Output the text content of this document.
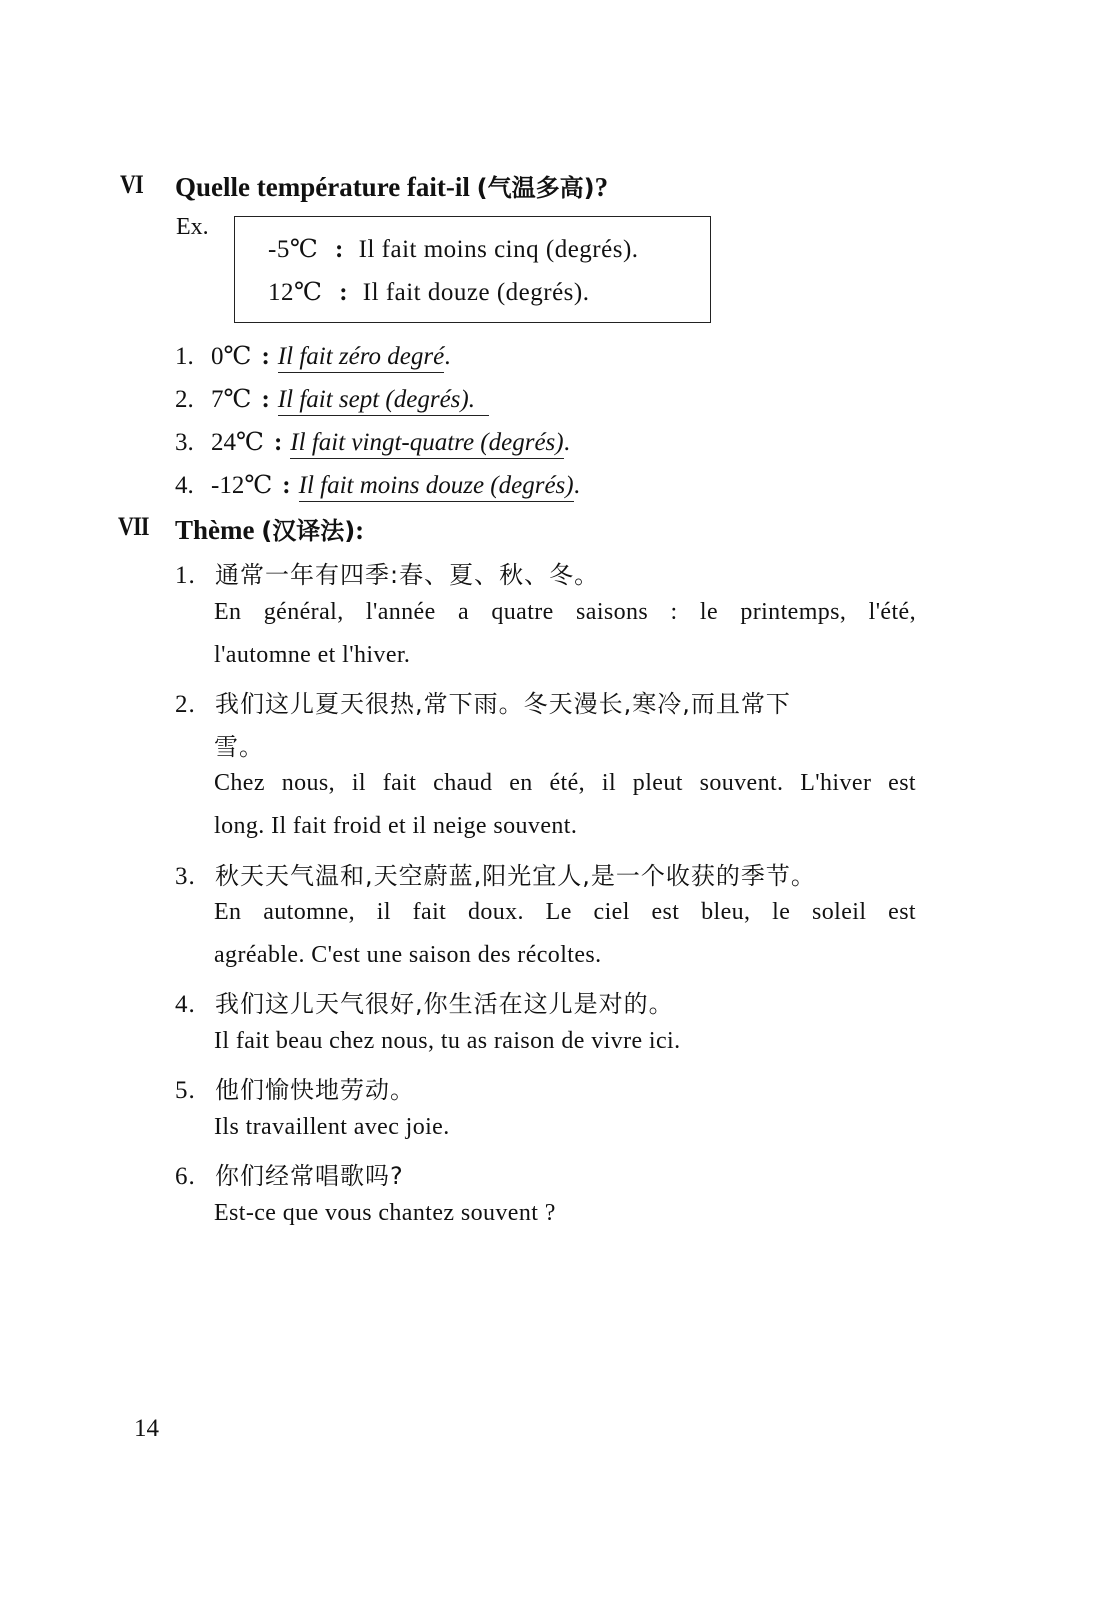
VI Quelle température fait-il (气温多高)?
Ex.
-5℃ : Il fait moins cinq (degrés).
12℃ : Il fait douze (degrés).
1. 0℃ : Il fait zéro degré.
2. 7℃ : Il fait sept (degrés).
3. 24℃ : Il fait vingt-quatre (degrés).
4. -12℃ : Il fait moins douze (degrés).
VII Thème (汉译法):
1. 通常一年有四季:春、夏、秋、冬。
En général, l'année a quatre saisons : le printemps, l'été,
l'automne et l'hiver.
2. 我们这儿夏天很热,常下雨。冬天漫长,寒冷,而且常下
雪。
Chez nous, il fait chaud en été, il pleut souvent. L'hiver est
long. Il fait froid et il neige souvent.
3. 秋天天气温和,天空蔚蓝,阳光宜人,是一个收获的季节。
En automne, il fait doux. Le ciel est bleu, le soleil est
agréable. C'est une saison des récoltes.
4. 我们这儿天气很好,你生活在这儿是对的。
Il fait beau chez nous, tu as raison de vivre ici.
5. 他们愉快地劳动。
Ils travaillent avec joie.
6. 你们经常唱歌吗?
Est-ce que vous chantez souvent ?
14
